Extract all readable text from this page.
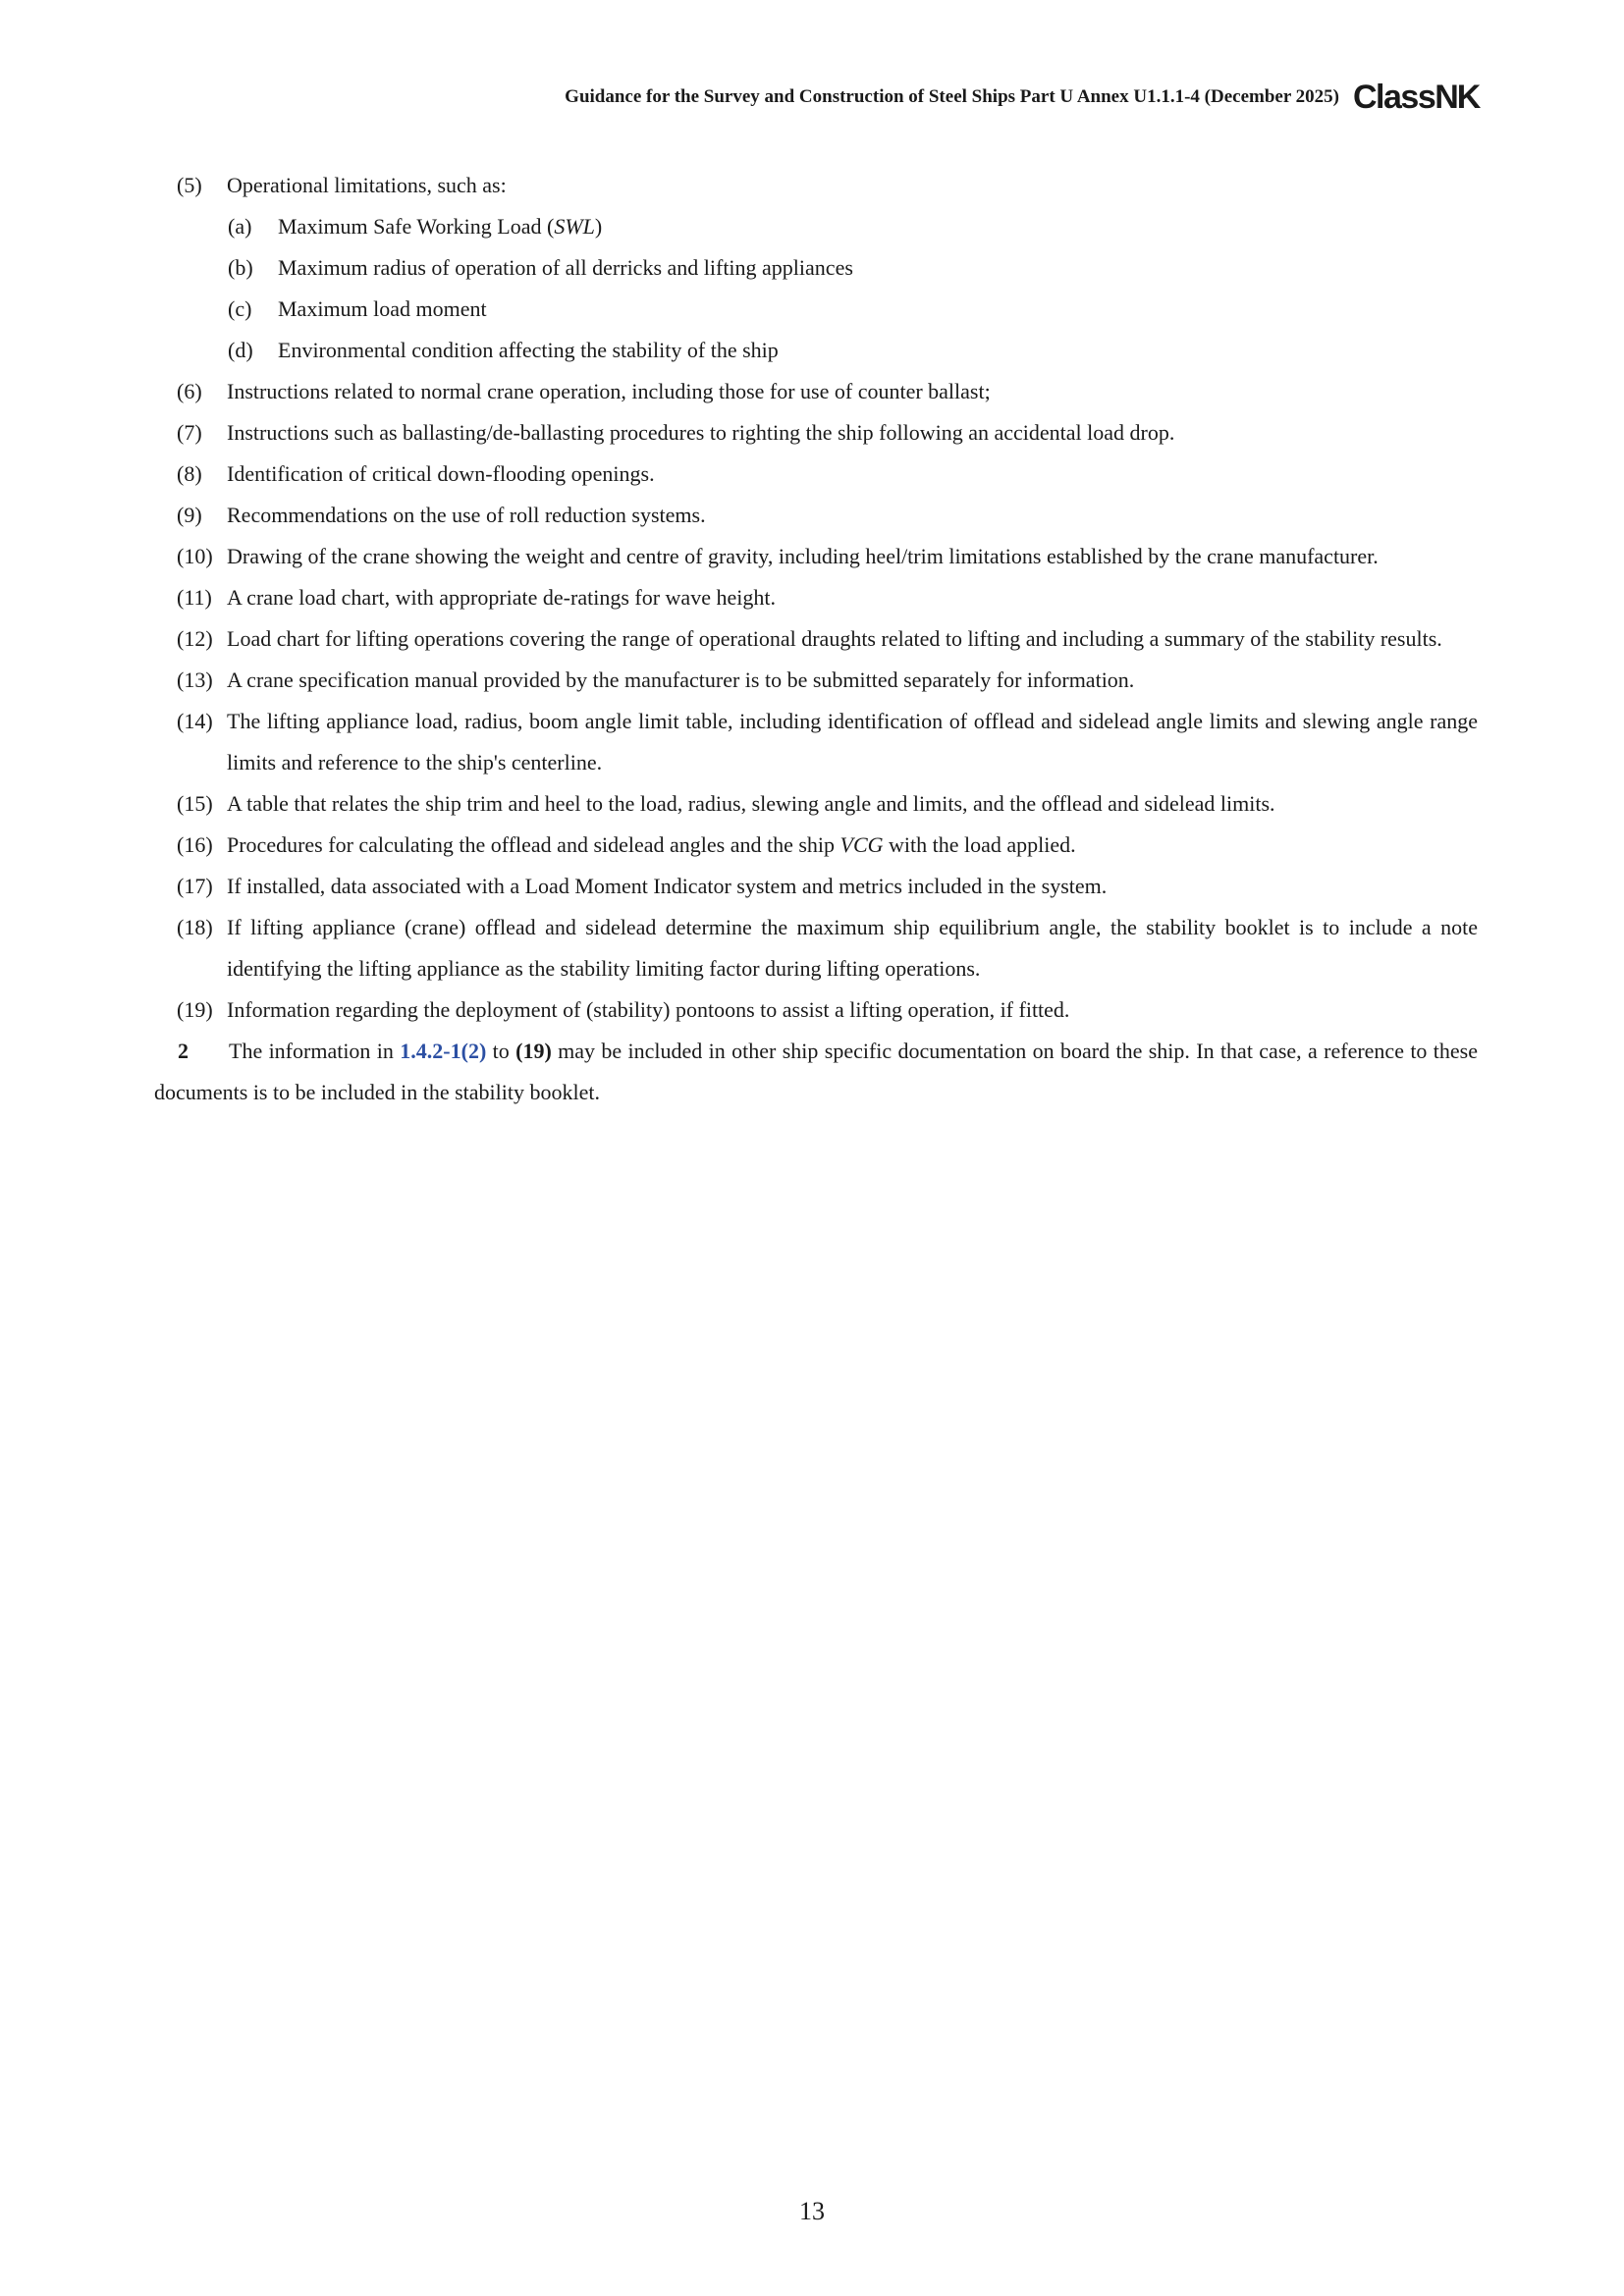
Guidance for the Survey and Construction of Steel Ships Part U Annex U1.1.1-4 (December 2025) ClassNK
(5) Operational limitations, such as:
(a) Maximum Safe Working Load (SWL)
(b) Maximum radius of operation of all derricks and lifting appliances
(c) Maximum load moment
(d) Environmental condition affecting the stability of the ship
(6) Instructions related to normal crane operation, including those for use of counter ballast;
(7) Instructions such as ballasting/de-ballasting procedures to righting the ship following an accidental load drop.
(8) Identification of critical down-flooding openings.
(9) Recommendations on the use of roll reduction systems.
(10) Drawing of the crane showing the weight and centre of gravity, including heel/trim limitations established by the crane manufacturer.
(11) A crane load chart, with appropriate de-ratings for wave height.
(12) Load chart for lifting operations covering the range of operational draughts related to lifting and including a summary of the stability results.
(13) A crane specification manual provided by the manufacturer is to be submitted separately for information.
(14) The lifting appliance load, radius, boom angle limit table, including identification of offlead and sidelead angle limits and slewing angle range limits and reference to the ship's centerline.
(15) A table that relates the ship trim and heel to the load, radius, slewing angle and limits, and the offlead and sidelead limits.
(16) Procedures for calculating the offlead and sidelead angles and the ship VCG with the load applied.
(17) If installed, data associated with a Load Moment Indicator system and metrics included in the system.
(18) If lifting appliance (crane) offlead and sidelead determine the maximum ship equilibrium angle, the stability booklet is to include a note identifying the lifting appliance as the stability limiting factor during lifting operations.
(19) Information regarding the deployment of (stability) pontoons to assist a lifting operation, if fitted.
2 The information in 1.4.2-1(2) to (19) may be included in other ship specific documentation on board the ship. In that case, a reference to these documents is to be included in the stability booklet.
13
